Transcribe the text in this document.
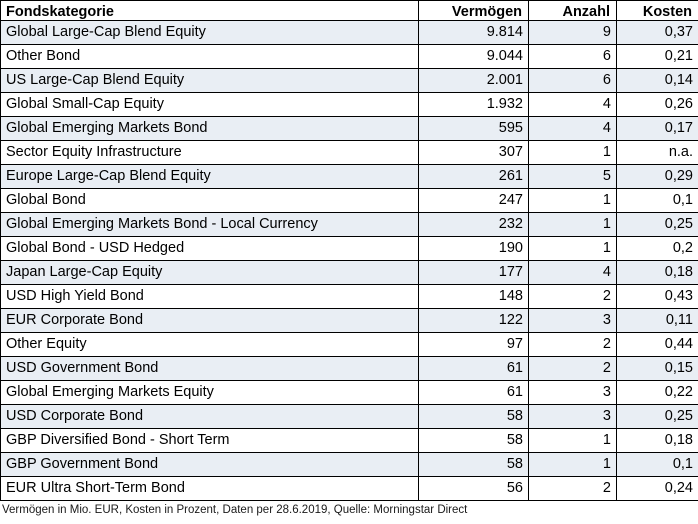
Fondskategorie	Vermögen	Anzahl	Kosten
Global Large-Cap Blend Equity	9.814	9	0,37
Other Bond	9.044	6	0,21
US Large-Cap Blend Equity	2.001	6	0,14
Global Small-Cap Equity	1.932	4	0,26
Global Emerging Markets Bond	595	4	0,17
Sector Equity Infrastructure	307	1	n.a.
Europe Large-Cap Blend Equity	261	5	0,29
Global Bond	247	1	0,1
Global Emerging Markets Bond - Local Currency	232	1	0,25
Global Bond - USD Hedged	190	1	0,2
Japan Large-Cap Equity	177	4	0,18
USD High Yield Bond	148	2	0,43
EUR Corporate Bond	122	3	0,11
Other Equity	97	2	0,44
USD Government Bond	61	2	0,15
Global Emerging Markets Equity	61	3	0,22
USD Corporate Bond	58	3	0,25
GBP Diversified Bond - Short Term	58	1	0,18
GBP Government Bond	58	1	0,1
EUR Ultra Short-Term Bond	56	2	0,24
Vermögen in Mio. EUR, Kosten in Prozent, Daten per 28.6.2019, Quelle: Morningstar Direct
